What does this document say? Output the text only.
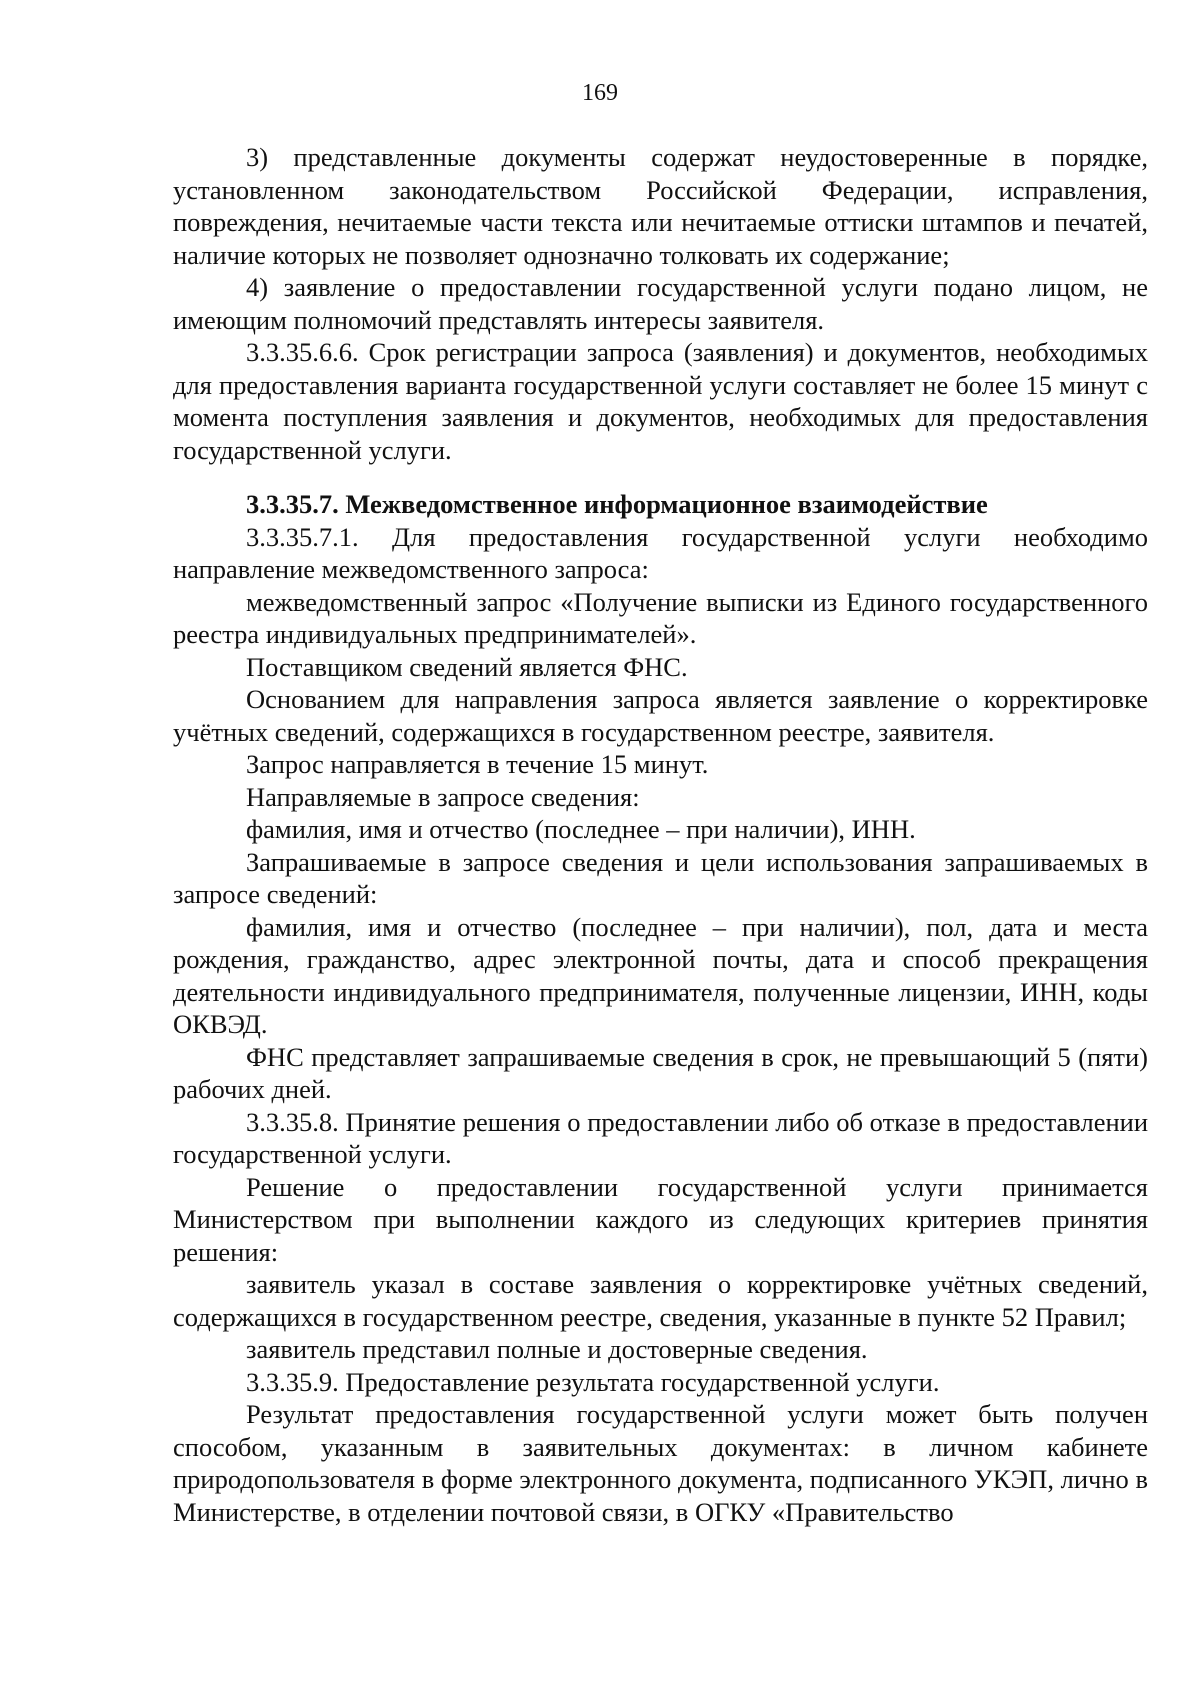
169

3) представленные документы содержат неудостоверенные в порядке, установленном законодательством Российской Федерации, исправления, повреждения, нечитаемые части текста или нечитаемые оттиски штампов и печатей, наличие которых не позволяет однозначно толковать их содержание;

4) заявление о предоставлении государственной услуги подано лицом, не имеющим полномочий представлять интересы заявителя.

3.3.35.6.6. Срок регистрации запроса (заявления) и документов, необходимых для предоставления варианта государственной услуги составляет не более 15 минут с момента поступления заявления и документов, необходимых для предоставления государственной услуги.

3.3.35.7. Межведомственное информационное взаимодействие

3.3.35.7.1. Для предоставления государственной услуги необходимо направление межведомственного запроса:

межведомственный запрос «Получение выписки из Единого государственного реестра индивидуальных предпринимателей».

Поставщиком сведений является ФНС.

Основанием для направления запроса является заявление о корректировке учётных сведений, содержащихся в государственном реестре, заявителя.

Запрос направляется в течение 15 минут.

Направляемые в запросе сведения:

фамилия, имя и отчество (последнее – при наличии), ИНН.

Запрашиваемые в запросе сведения и цели использования запрашиваемых в запросе сведений:

фамилия, имя и отчество (последнее – при наличии), пол, дата и места рождения, гражданство, адрес электронной почты, дата и способ прекращения деятельности индивидуального предпринимателя, полученные лицензии, ИНН, коды ОКВЭД.

ФНС представляет запрашиваемые сведения в срок, не превышающий 5 (пяти) рабочих дней.

3.3.35.8. Принятие решения о предоставлении либо об отказе в предоставлении государственной услуги.

Решение о предоставлении государственной услуги принимается Министерством при выполнении каждого из следующих критериев принятия решения:

заявитель указал в составе заявления о корректировке учётных сведений, содержащихся в государственном реестре, сведения, указанные в пункте 52 Правил;

заявитель представил полные и достоверные сведения.

3.3.35.9. Предоставление результата государственной услуги.

Результат предоставления государственной услуги может быть получен способом, указанным в заявительных документах: в личном кабинете природопользователя в форме электронного документа, подписанного УКЭП, лично в Министерстве, в отделении почтовой связи, в ОГКУ «Правительство
